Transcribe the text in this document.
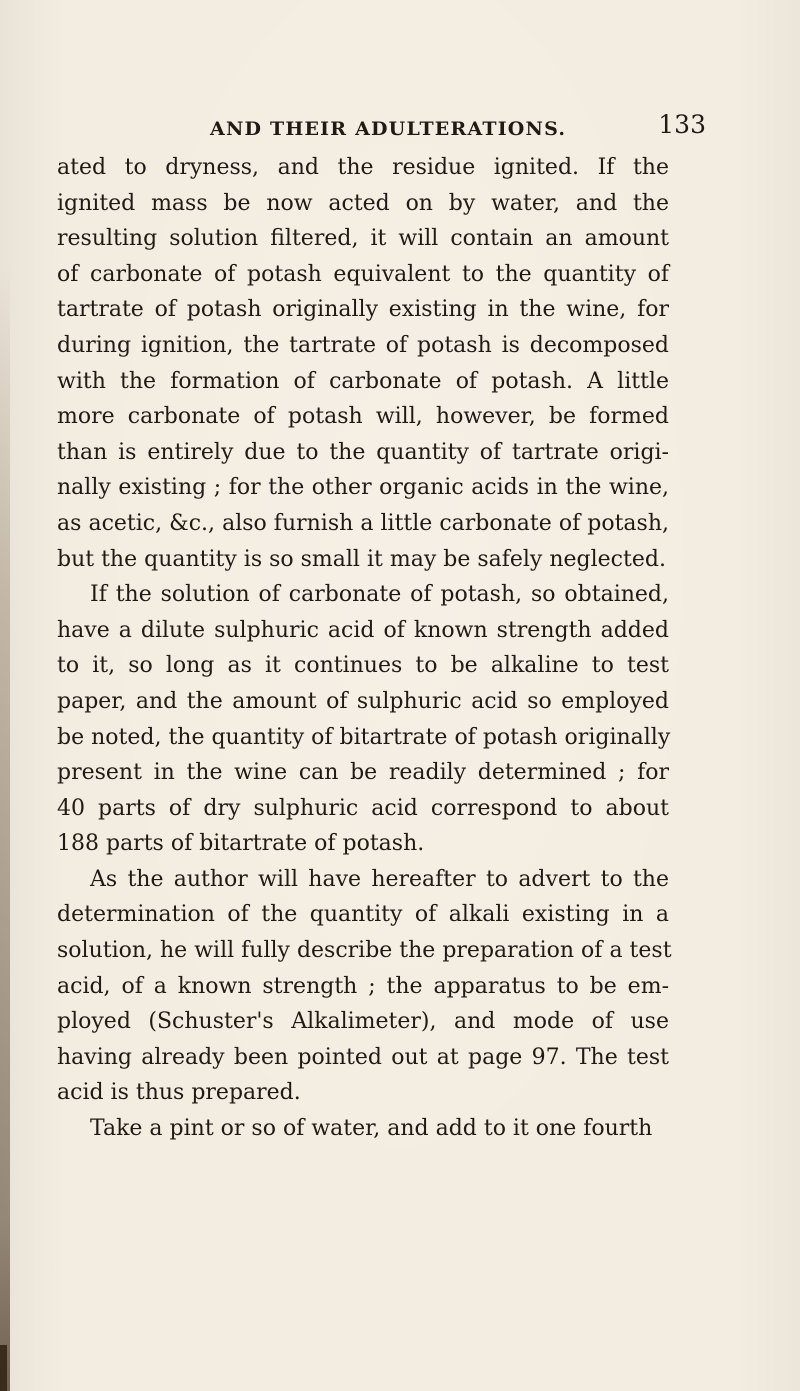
AND THEIR ADULTERATIONS.	133
ated to dryness, and the residue ignited. If the
ignited mass be now acted on by water, and the
resulting solution filtered, it will contain an amount
of carbonate of potash equivalent to the quantity of
tartrate of potash originally existing in the wine, for
during ignition, the tartrate of potash is decomposed
with the formation of carbonate of potash. A little
more carbonate of potash will, however, be formed
than is entirely due to the quantity of tartrate origi-
nally existing ; for the other organic acids in the wine,
as acetic, &c., also furnish a little carbonate of potash,
but the quantity is so small it may be safely neglected.
If the solution of carbonate of potash, so obtained,
have a dilute sulphuric acid of known strength added
to it, so long as it continues to be alkaline to test
paper, and the amount of sulphuric acid so employed
be noted, the quantity of bitartrate of potash originally
present in the wine can be readily determined ; for
40 parts of dry sulphuric acid correspond to about
188 parts of bitartrate of potash.
As the author will have hereafter to advert to the
determination of the quantity of alkali existing in a
solution, he will fully describe the preparation of a test
acid, of a known strength ; the apparatus to be em-
ployed (Schuster's Alkalimeter), and mode of use
having already been pointed out at page 97. The test
acid is thus prepared.
Take a pint or so of water, and add to it one fourth
